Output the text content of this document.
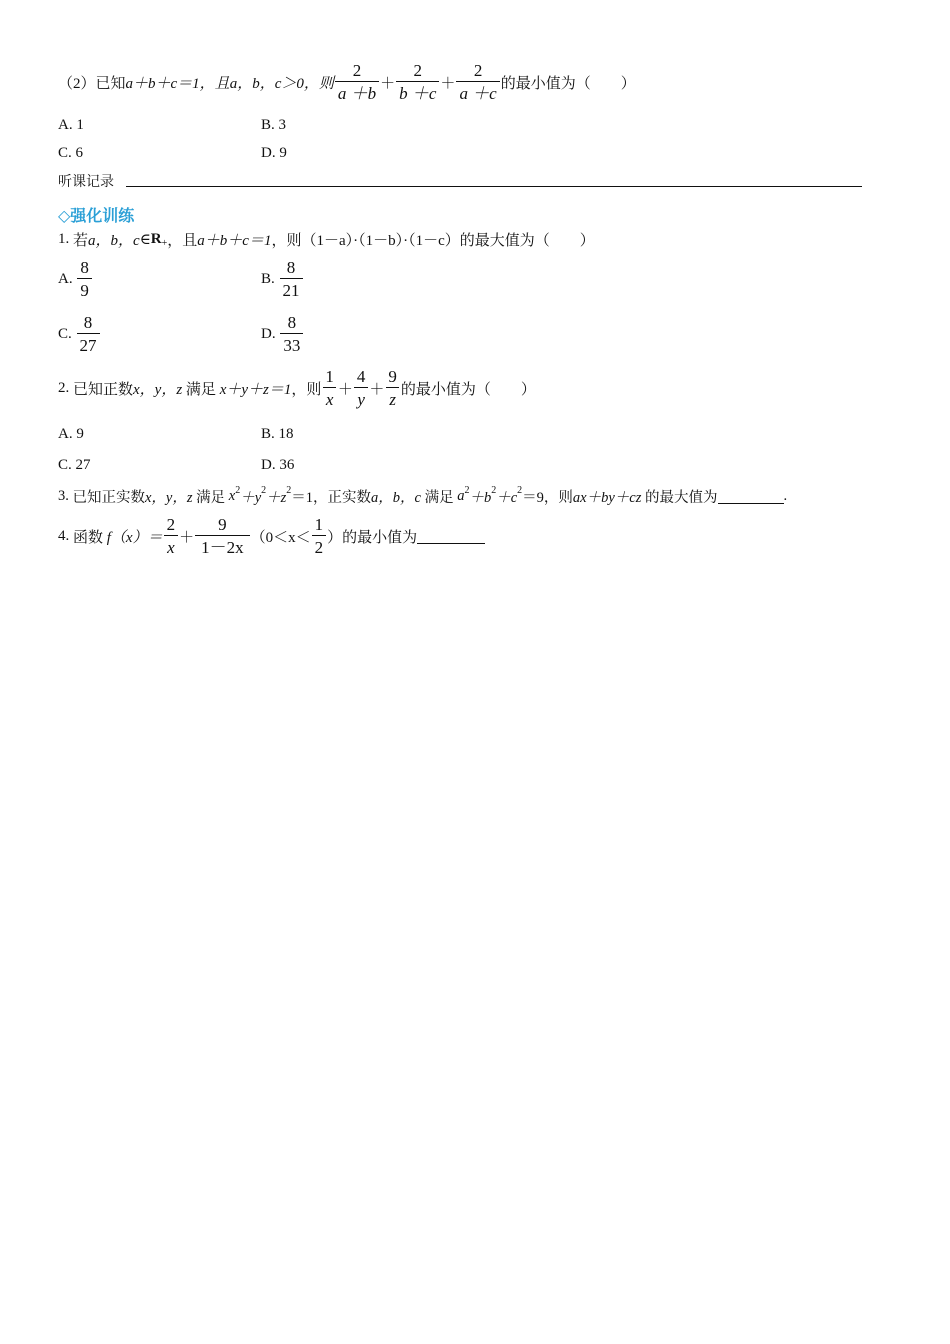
（2）已知 a＋b＋c＝1，且 a，b，c＞0，则 $\frac{2}{a +b} + \frac{2}{b +c} + \frac{2}{a +c}$ 的最小值为（　　）
A. 1	B. 3
C. 6	D. 9
听课记录
◇强化训练
1.
若 a，b，c ∈ R + ，且 a＋b＋c＝1 ，则（1－a）·（1－b）·（1－c）的最大值为（　　）
A.
$\frac{8}{9}$	B.
$\frac{8}{21}$
C.
$\frac{8}{27}$	D.
$\frac{8}{33}$
2.
已知正数 x，y，z
满足
x＋y＋z＝1 ，则 $\frac{1}{x} + \frac{4}{y} + \frac{9}{z}$ 的最小值为（　　）
A. 9	B. 18
C. 27	D. 36
3.
已知正实数 x，y，z
满足
x 2 ＋y 2 ＋z 2 ＝1 ，正实数 a，b，c
满足
a 2 ＋b 2 ＋c 2 ＝9 ，则 ax＋by＋cz
的最大值为	.
4.
函数
$f(x)= \frac{2}{x} + \frac{9}{1-2x} (0<x< \frac{1}{2}$ ） 的最小值为
